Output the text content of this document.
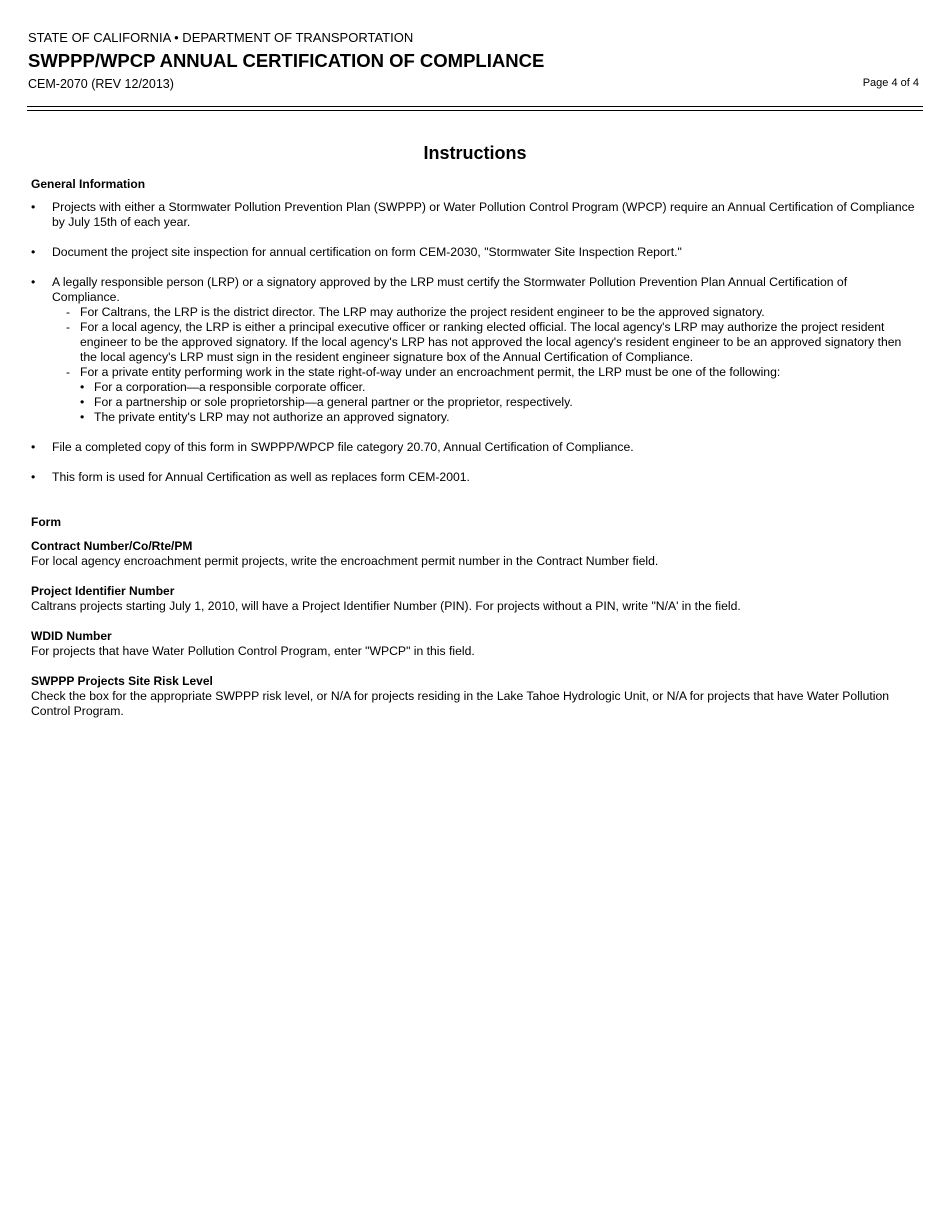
STATE OF CALIFORNIA • DEPARTMENT OF TRANSPORTATION
SWPPP/WPCP ANNUAL CERTIFICATION OF COMPLIANCE
CEM-2070 (REV 12/2013)	Page 4 of 4
Instructions
General Information
•	Projects with either a Stormwater Pollution Prevention Plan (SWPPP) or Water Pollution Control Program (WPCP) require an Annual Certification of Compliance by July 15th of each year.
•	Document the project site inspection for annual certification on form CEM-2030, "Stormwater Site Inspection Report."
•	A legally responsible person (LRP) or a signatory approved by the LRP must certify the Stormwater Pollution Prevention Plan Annual Certification of Compliance.
- For Caltrans, the LRP is the district director. The LRP may authorize the project resident engineer to be the approved signatory.
- For a local agency, the LRP is either a principal executive officer or ranking elected official. The local agency's LRP may authorize the project resident engineer to be the approved signatory. If the local agency's LRP has not approved the local agency's resident engineer to be an approved signatory then the local agency's LRP must sign in the resident engineer signature box of the Annual Certification of Compliance.
- For a private entity performing work in the state right-of-way under an encroachment permit, the LRP must be one of the following:
• For a corporation—a responsible corporate officer.
• For a partnership or sole proprietorship—a general partner or the proprietor, respectively.
• The private entity's LRP may not authorize an approved signatory.
•	File a completed copy of this form in SWPPP/WPCP file category 20.70, Annual Certification of Compliance.
•	This form is used for Annual Certification as well as replaces form CEM-2001.
Form
Contract Number/Co/Rte/PM
For local agency encroachment permit projects, write the encroachment permit number in the Contract Number field.
Project Identifier Number
Caltrans projects starting July 1, 2010, will have a Project Identifier Number (PIN). For projects without a PIN, write "N/A' in the field.
WDID Number
For projects that have Water Pollution Control Program, enter "WPCP" in this field.
SWPPP Projects Site Risk Level
Check the box for the appropriate SWPPP risk level, or N/A for projects residing in the Lake Tahoe Hydrologic Unit, or N/A for projects that have Water Pollution Control Program.
